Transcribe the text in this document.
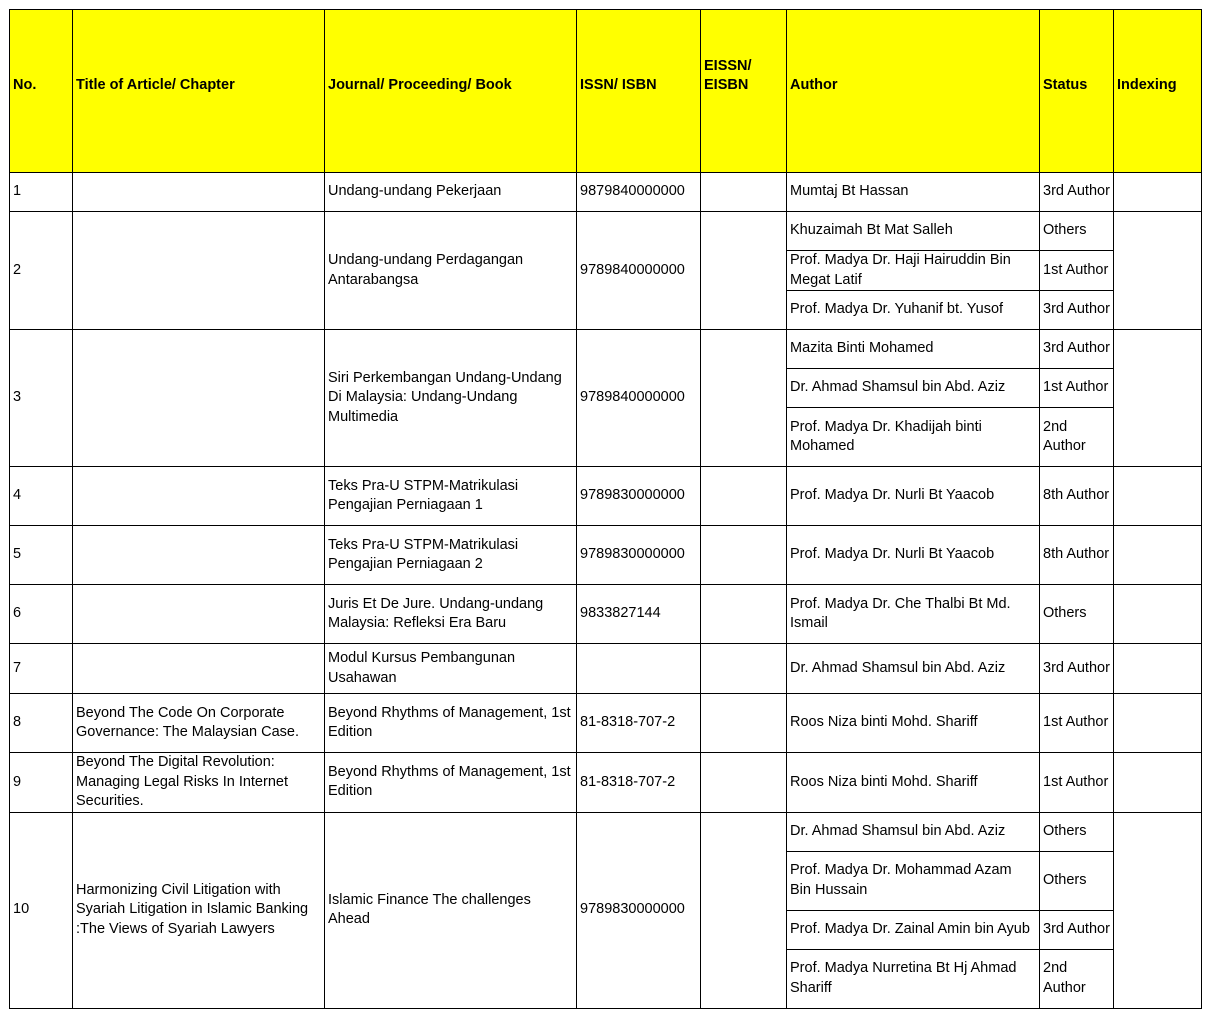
No.	Title of Article/ Chapter	Journal/ Proceeding/ Book	ISSN/ ISBN	EISSN/ EISBN	Author	Status	Indexing
1		Undang-undang Pekerjaan	9879840000000		Mumtaj Bt Hassan	3rd Author	
2		Undang-undang Perdagangan Antarabangsa	9789840000000		Khuzaimah Bt Mat Salleh	Others	
					Prof. Madya Dr. Haji Hairuddin Bin Megat Latif	1st Author	
					Prof. Madya Dr. Yuhanif bt. Yusof	3rd Author	
3		Siri Perkembangan Undang-Undang Di Malaysia: Undang-Undang Multimedia	9789840000000		Mazita Binti Mohamed	3rd Author	
					Dr. Ahmad Shamsul bin Abd. Aziz	1st Author	
					Prof. Madya Dr. Khadijah binti Mohamed	2nd Author	
4		Teks Pra-U STPM-Matrikulasi Pengajian Perniagaan 1	9789830000000		Prof. Madya Dr. Nurli Bt Yaacob	8th Author	
5		Teks Pra-U STPM-Matrikulasi Pengajian Perniagaan 2	9789830000000		Prof. Madya Dr. Nurli Bt Yaacob	8th Author	
6		Juris Et De Jure. Undang-undang Malaysia: Refleksi Era Baru	9833827144		Prof. Madya Dr. Che Thalbi Bt Md. Ismail	Others	
7		Modul Kursus Pembangunan Usahawan			Dr. Ahmad Shamsul bin Abd. Aziz	3rd Author	
8	Beyond The Code On Corporate Governance: The Malaysian Case.	Beyond Rhythms of Management, 1st Edition	81-8318-707-2		Roos Niza binti Mohd. Shariff	1st Author	
9	Beyond The Digital Revolution: Managing Legal Risks In Internet Securities.	Beyond Rhythms of Management, 1st Edition	81-8318-707-2		Roos Niza binti Mohd. Shariff	1st Author	
10	Harmonizing Civil Litigation with Syariah Litigation in Islamic Banking :The Views of Syariah Lawyers	Islamic Finance The challenges Ahead	9789830000000		Dr. Ahmad Shamsul bin Abd. Aziz	Others	
					Prof. Madya Dr. Mohammad Azam Bin Hussain	Others	
					Prof. Madya Dr. Zainal Amin bin Ayub	3rd Author	
					Prof. Madya Nurretina Bt Hj Ahmad Shariff	2nd Author	
